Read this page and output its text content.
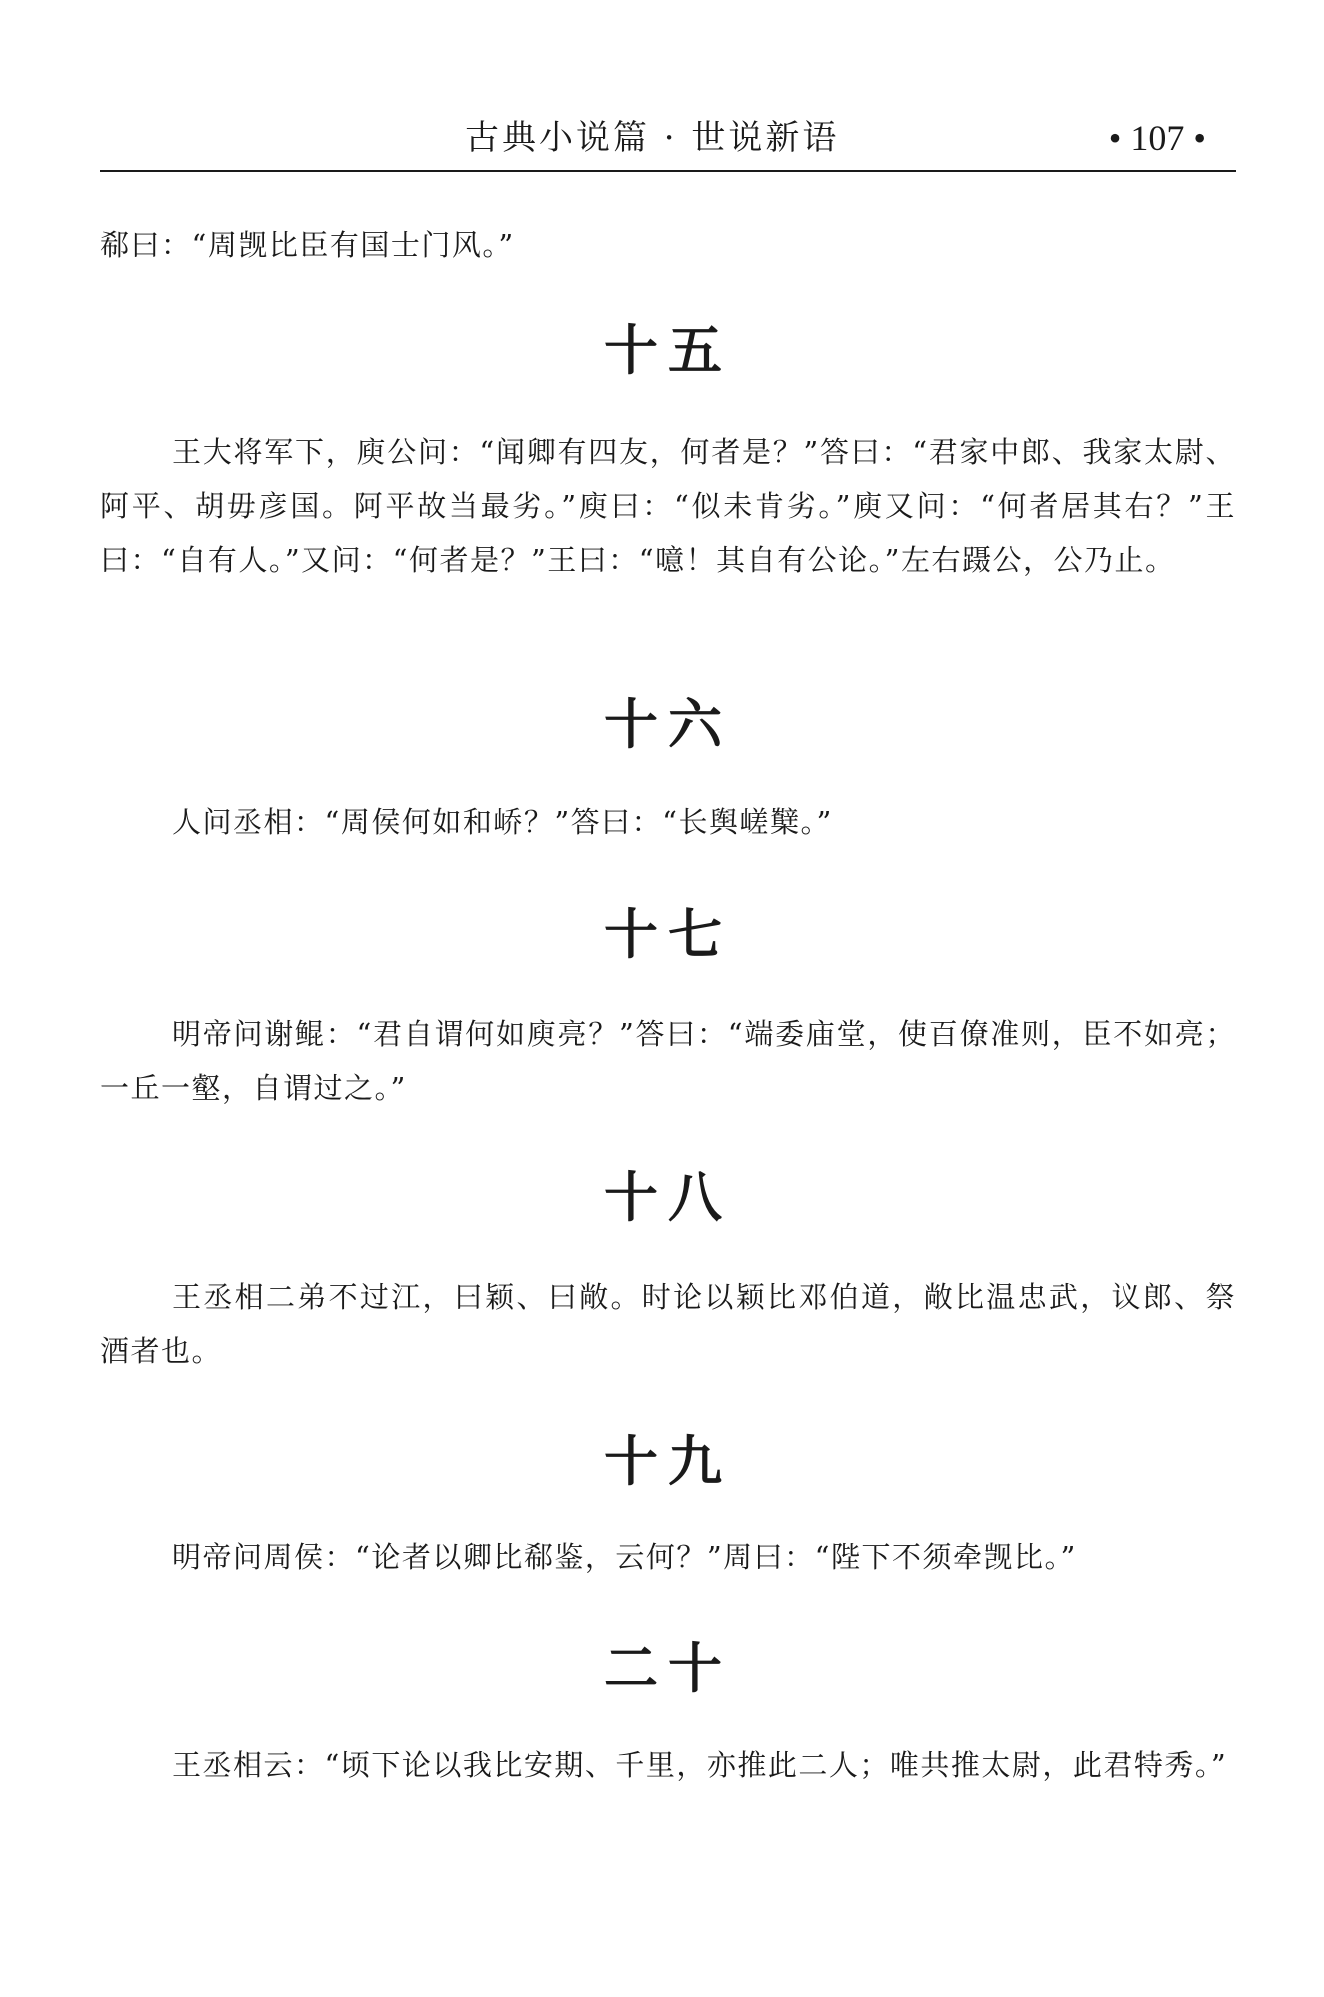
古典小说篇 · 世说新语	• 107 •

郗曰：“周觊比臣有国士门风。”

十五

王大将军下，庾公问：“闻卿有四友，何者是？”答曰：“君家中郎、我家太尉、阿平、胡毋彦国。阿平故当最劣。”庾曰：“似未肯劣。”庾又问：“何者居其右？”王曰：“自有人。”又问：“何者是？”王曰：“噫！其自有公论。”左右蹑公，公乃止。

十六

人问丞相：“周侯何如和峤？”答曰：“长舆嵯櫱。”

十七

明帝问谢鲲：“君自谓何如庾亮？”答曰：“端委庙堂，使百僚准则，臣不如亮；一丘一壑，自谓过之。”

十八

王丞相二弟不过江，曰颖、曰敞。时论以颖比邓伯道，敞比温忠武，议郎、祭酒者也。

十九

明帝问周侯：“论者以卿比郗鉴，云何？”周曰：“陛下不须牵觊比。”

二十

王丞相云：“顷下论以我比安期、千里，亦推此二人；唯共推太尉，此君特秀。”
